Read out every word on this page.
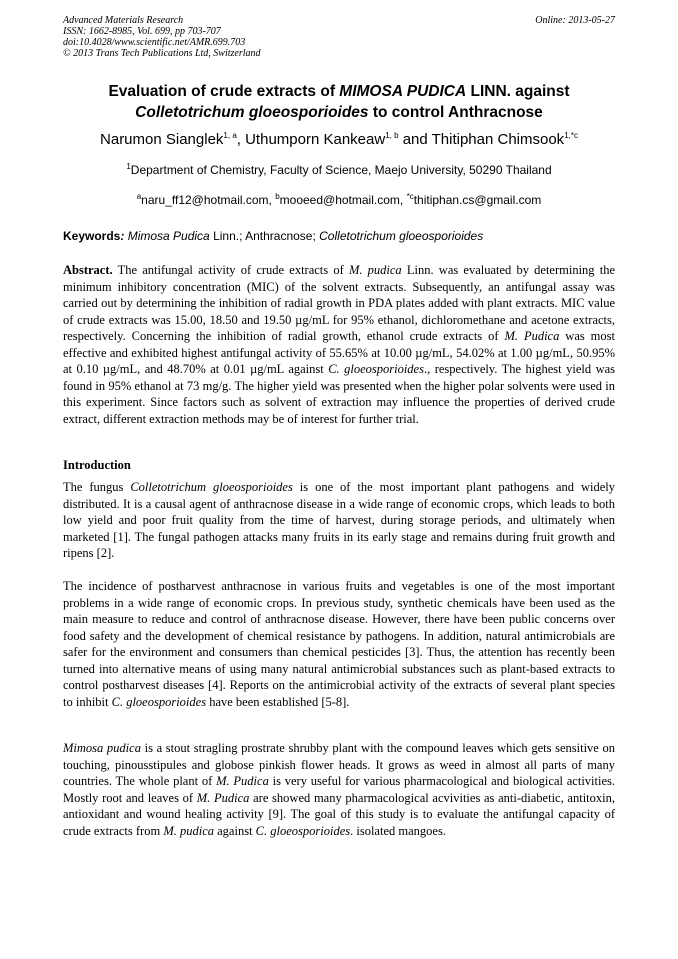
Advanced Materials Research
ISSN: 1662-8985, Vol. 699, pp 703-707
doi:10.4028/www.scientific.net/AMR.699.703
© 2013 Trans Tech Publications Ltd, Switzerland
Online: 2013-05-27
Evaluation of crude extracts of MIMOSA PUDICA LINN. against
Colletotrichum gloeosporioides to control Anthracnose
Narumon Sianglek$^{1, a}$, Uthumporn Kankeaw$^{1, b}$ and Thitiphan Chimsook$^{1,*c}$
$^1$Department of Chemistry, Faculty of Science, Maejo University, 50290 Thailand
$^a$naru_ff12@hotmail.com, $^b$mooeed@hotmail.com, $^{*c}$thitiphan.cs@gmail.com
Keywords: Mimosa Pudica Linn.; Anthracnose; Colletotrichum gloeosporioides
Abstract. The antifungal activity of crude extracts of M. pudica Linn. was evaluated by determining the minimum inhibitory concentration (MIC) of the solvent extracts. Subsequently, an antifungal assay was carried out by determining the inhibition of radial growth in PDA plates added with plant extracts. MIC value of crude extracts was 15.00, 18.50 and 19.50 µg/mL for 95% ethanol, dichloromethane and acetone extracts, respectively. Concerning the inhibition of radial growth, ethanol crude extracts of M. Pudica was most effective and exhibited highest antifungal activity of 55.65% at 10.00 µg/mL, 54.02% at 1.00 µg/mL, 50.95% at 0.10 µg/mL, and 48.70% at 0.01 µg/mL against C. gloeosporioides., respectively. The highest yield was found in 95% ethanol at 73 mg/g. The higher yield was presented when the higher polar solvents were used in this experiment. Since factors such as solvent of extraction may influence the properties of derived crude extract, different extraction methods may be of interest for further trial.
Introduction
The fungus Colletotrichum gloeosporioides is one of the most important plant pathogens and widely distributed. It is a causal agent of anthracnose disease in a wide range of economic crops, which leads to both low yield and poor fruit quality from the time of harvest, during storage periods, and ultimately when marketed [1]. The fungal pathogen attacks many fruits in its early stage and remains during fruit growth and ripens [2].
The incidence of postharvest anthracnose in various fruits and vegetables is one of the most important problems in a wide range of economic crops. In previous study, synthetic chemicals have been used as the main measure to reduce and control of anthracnose disease. However, there have been public concerns over food safety and the development of chemical resistance by pathogens. In addition, natural antimicrobials are safer for the environment and consumers than chemical pesticides [3]. Thus, the attention has recently been turned into alternative means of using many natural antimicrobial substances such as plant-based extracts to control postharvest diseases [4]. Reports on the antimicrobial activity of the extracts of several plant species to inhibit C. gloeosporioides have been established [5-8].
Mimosa pudica is a stout stragling prostrate shrubby plant with the compound leaves which gets sensitive on touching, pinousstipules and globose pinkish flower heads. It grows as weed in almost all parts of many countries. The whole plant of M. Pudica is very useful for various pharmacological and biological activities. Mostly root and leaves of M. Pudica are showed many pharmacological acvivities as anti-diabetic, antitoxin, antioxidant and wound healing activity [9]. The goal of this study is to evaluate the antifungal capacity of crude extracts from M. pudica against C. gloeosporioides. isolated mangoes.
